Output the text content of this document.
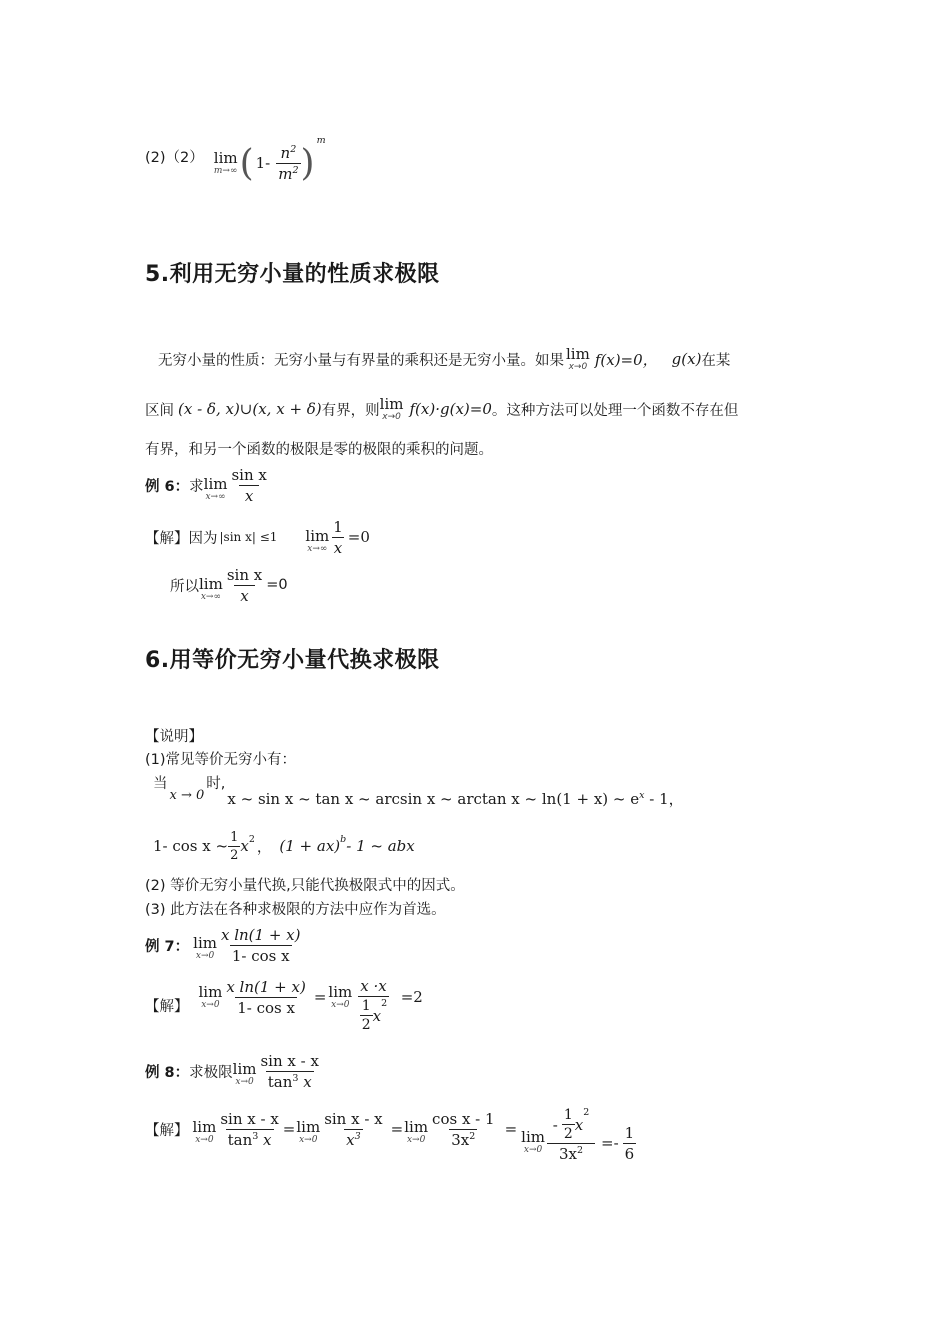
(2)（2） lim
m→∞ ( $1- \frac{n^2}{m^2}$ )
m
5.利用无穷小量的性质求极限
无穷小量的性质：无穷小量与有界量的乘积还是无穷小量。如果 lim
x→0 f(x)=0， g(x) 在某
区间 (x - δ, x)∪(x, x + δ) 有界，则 lim
x→0 f(x)·g(x)=0 。这种方法可以处理一个函数不存在但
有界，和另一个函数的极限是零的极限的乘积的问题。
例 6： 求 lim
$x\to\infty \frac{\text{sin x}}{x}$
【解】 因为 |sin x| ≤1 lim
$x\to\infty \frac{1}{x} =0$
所以 lim
$x\to\infty \frac{\text{sin x}}{x} =0$
6.用等价无穷小量代换求极限
【说明】
(1)常见等价无穷小有：
当
x → 0
时,
x ~ sin x ~ tan x ~ arcsin x ~ arctan x ~ ln(1 + x) ~ $e^x - 1$，
1- cos x ~ $\frac{1}{2} x^2$ ， (1 + ax)$^b$ - 1 ~ abx
(2) 等价无穷小量代换,只能代换极限式中的因式。
(3) 此方法在各种求极限的方法中应作为首选。
例 7： lim
$x\to 0 \frac{\text{x ln(1 + x)}}{\text{1- cos x}}$
【解】
lim
$x\to 0 \frac{\text{x ln(1 + x)}}{\text{1- cos x}} = \lim$
x→0 x ·x
$\frac{1}{2}$ x
$^2$ =2
例 8： 求极限 lim
$x\to 0 \frac{\text{sin x - x}}{\tan^3 x}$
【解】 lim
$x\to 0 \frac{\text{sin x - x}}{\tan^3 x} = \lim$
$x\to 0 \frac{\text{sin x - x}}{x^3} = \lim$
$x\to 0 \frac{\text{cos x - 1}}{3x^2} = \lim$
$x\to 0 - \frac{1}{2}$ x
$^2$
$3x^2 =- \frac{1}{6}$
